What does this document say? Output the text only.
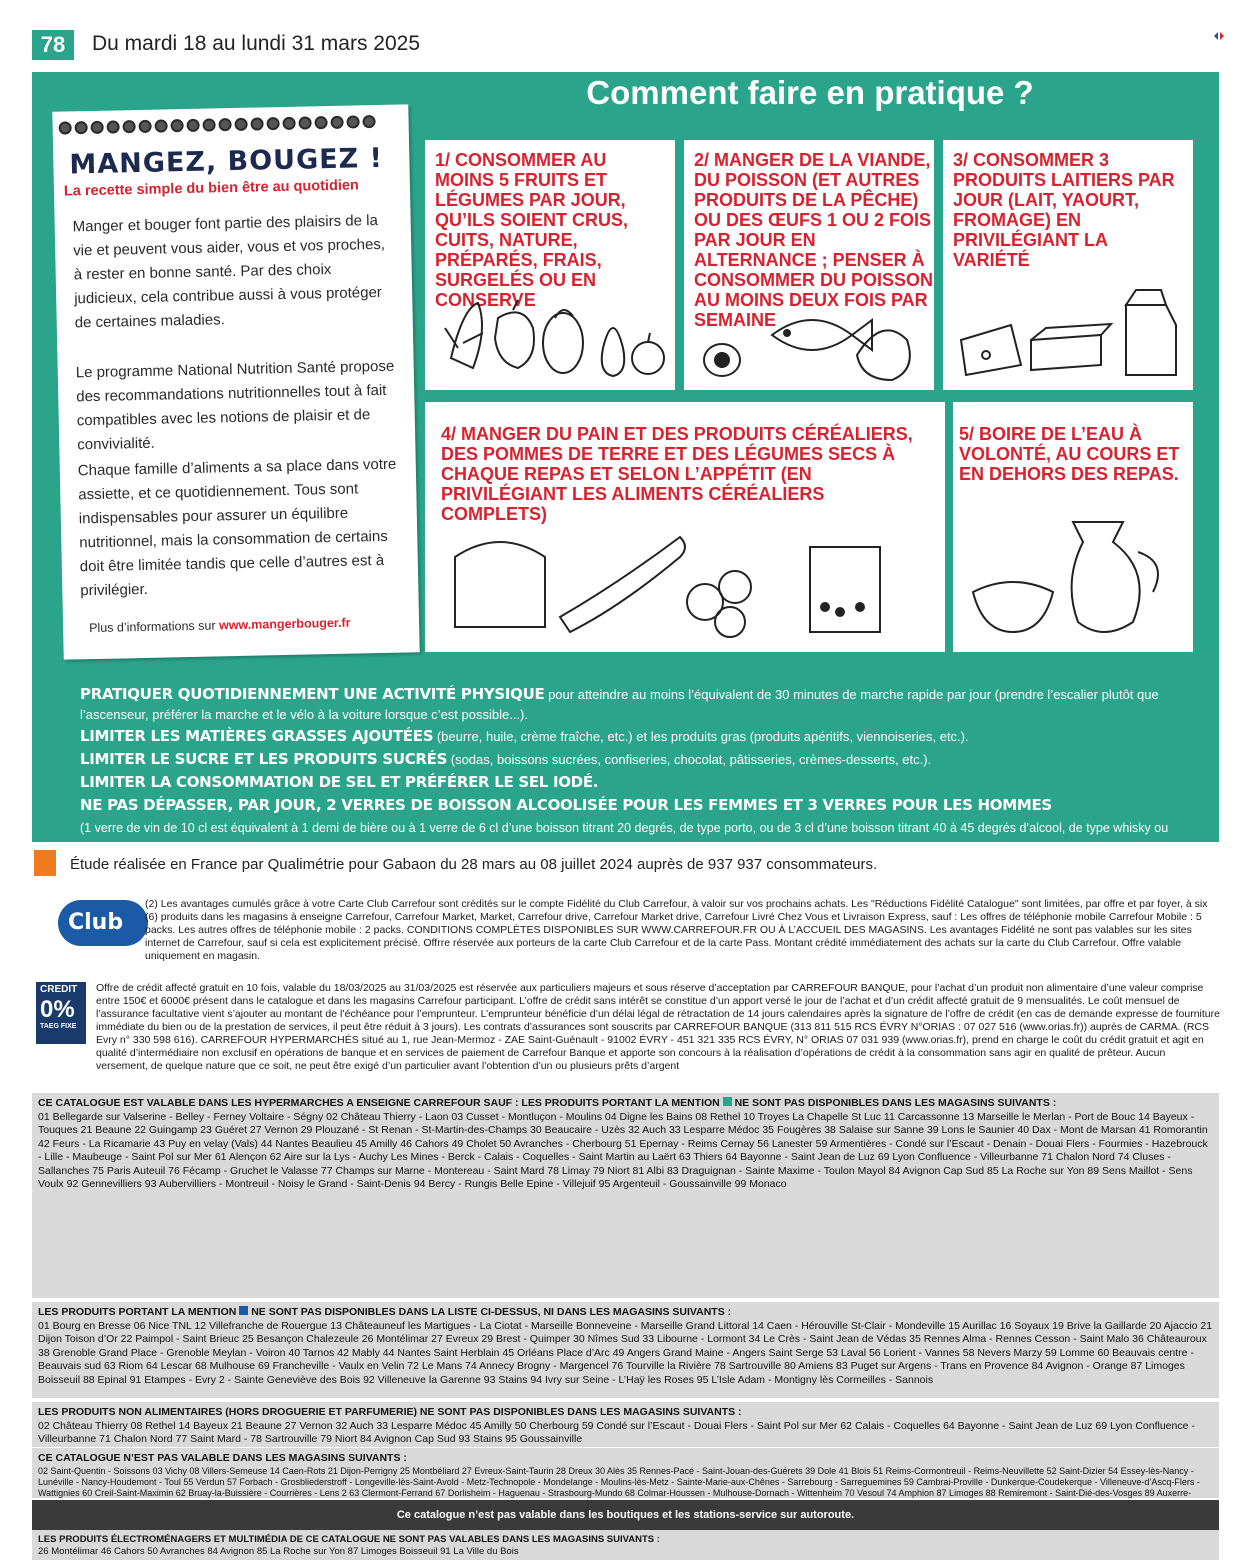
78	Du mardi 18 au lundi 31 mars 2025
Comment faire en pratique ?
MANGEZ, BOUGEZ !
La recette simple du bien être au quotidien
Manger et bouger font partie des plaisirs de la vie et peuvent vous aider, vous et vos proches, à rester en bonne santé. Par des choix judicieux, cela contribue aussi à vous protéger de certaines maladies.
Le programme National Nutrition Santé propose des recommandations nutritionnelles tout à fait compatibles avec les notions de plaisir et de convivialité.
Chaque famille d’aliments a sa place dans votre assiette, et ce quotidiennement. Tous sont indispensables pour assurer un équilibre nutritionnel, mais la consommation de certains doit être limitée tandis que celle d’autres est à privilégier.
Plus d’informations sur www.mangerbouger.fr
1/ CONSOMMER AU MOINS 5 FRUITS ET LÉGUMES PAR JOUR, QU’ILS SOIENT CRUS, CUITS, NATURE, PRÉPARÉS, FRAIS, SURGELÉS OU EN CONSERVE
2/ MANGER DE LA VIANDE, DU POISSON (ET AUTRES PRODUITS DE LA PÊCHE) OU DES ŒUFS 1 OU 2 FOIS PAR JOUR EN ALTERNANCE ; PENSER À CONSOMMER DU POISSON AU MOINS DEUX FOIS PAR SEMAINE
3/ CONSOMMER 3 PRODUITS LAITIERS PAR JOUR (LAIT, YAOURT, FROMAGE) EN PRIVILÉGIANT LA VARIÉTÉ
4/ MANGER DU PAIN ET DES PRODUITS CÉRÉALIERS, DES POMMES DE TERRE ET DES LÉGUMES SECS À CHAQUE REPAS ET SELON L’APPÉTIT (EN PRIVILÉGIANT LES ALIMENTS CÉRÉALIERS COMPLETS)
5/ BOIRE DE L’EAU À VOLONTÉ, AU COURS ET EN DEHORS DES REPAS.
PRATIQUER QUOTIDIENNEMENT UNE ACTIVITÉ PHYSIQUE pour atteindre au moins l’équivalent de 30 minutes de marche rapide par jour (prendre l’escalier plutôt que l’ascenseur, préférer la marche et le vélo à la voiture lorsque c’est possible...).
LIMITER LES MATIÈRES GRASSES AJOUTÉES (beurre, huile, crème fraîche, etc.) et les produits gras (produits apéritifs, viennoiseries, etc.).
LIMITER LE SUCRE ET LES PRODUITS SUCRÉS (sodas, boissons sucrées, confiseries, chocolat, pâtisseries, crèmes-desserts, etc.).
LIMITER LA CONSOMMATION DE SEL ET PRÉFÉRER LE SEL IODÉ.
NE PAS DÉPASSER, PAR JOUR, 2 VERRES DE BOISSON ALCOOLISÉE POUR LES FEMMES ET 3 VERRES POUR LES HOMMES
(1 verre de vin de 10 cl est équivalent à 1 demi de bière ou à 1 verre de 6 cl d’une boisson titrant 20 degrés, de type porto, ou de 3 cl d’une boisson titrant 40 à 45 degrés d’alcool, de type whisky ou pastis).
Étude réalisée en France par Qualimétrie pour Gabaon du 28 mars au 08 juillet 2024 auprès de 937 937 consommateurs.
Club
(2) Les avantages cumulés grâce à votre Carte Club Carrefour sont crédités sur le compte Fidélité du Club Carrefour, à valoir sur vos prochains achats. Les "Réductions Fidélité Catalogue" sont limitées, par offre et par foyer, à six (6) produits dans les magasins à enseigne Carrefour, Carrefour Market, Market, Carrefour drive, Carrefour Market drive, Carrefour Livré Chez Vous et Livraison Express, sauf : Les offres de téléphonie mobile Carrefour Mobile : 5 packs. Les autres offres de téléphonie mobile : 2 packs. CONDITIONS COMPLÈTES DISPONIBLES SUR WWW.CARREFOUR.FR OU À L’ACCUEIL DES MAGASINS. Les avantages Fidélité ne sont pas valables sur les sites internet de Carrefour, sauf si cela est explicitement précisé. Offrre réservée aux porteurs de la carte Club Carrefour et de la carte Pass. Montant crédité immédiatement des achats sur la carte du Club Carrefour. Offre valable uniquement en magasin.
CREDIT
0%
TAEG FIXE
Offre de crédit affecté gratuit en 10 fois, valable du 18/03/2025 au 31/03/2025 est réservée aux particuliers majeurs et sous réserve d’acceptation par CARREFOUR BANQUE, pour l’achat d’un produit non alimentaire d’une valeur comprise entre 150€ et 6000€ présent dans le catalogue et dans les magasins Carrefour participant. L’offre de crédit sans intérêt se constitue d’un apport versé le jour de l’achat et d’un crédit affecté gratuit de 9 mensualités. Le coût mensuel de l’assurance facultative vient s’ajouter au montant de l’échéance pour l’emprunteur. L’emprunteur bénéficie d’un délai légal de rétractation de 14 jours calendaires après la signature de l’offre de crédit (en cas de demande expresse de fourniture immédiate du bien ou de la prestation de services, il peut être réduit à 3 jours). Les contrats d’assurances sont souscrits par CARREFOUR BANQUE (313 811 515 RCS ÉVRY N°ORIAS : 07 027 516 (www.orias.fr)) auprès de CARMA. (RCS Evry n° 330 598 616). CARREFOUR HYPERMARCHÉS situé au 1, rue Jean-Mermoz - ZAE Saint-Guénault - 91002 ÉVRY - 451 321 335 RCS ÉVRY, N° ORIAS 07 031 939 (www.orias.fr), prend en charge le coût du crédit gratuit et agit en qualité d’intermédiaire non exclusif en opérations de banque et en services de paiement de Carrefour Banque et apporte son concours à la réalisation d’opérations de crédit à la consommation sans agir en qualité de prêteur. Aucun versement, de quelque nature que ce soit, ne peut être exigé d’un particulier avant l’obtention d’un ou plusieurs prêts d’argent
CE CATALOGUE EST VALABLE DANS LES HYPERMARCHES A ENSEIGNE CARREFOUR SAUF : LES PRODUITS PORTANT LA MENTION NE SONT PAS DISPONIBLES DANS LES MAGASINS SUIVANTS :
01 Bellegarde sur Valserine - Belley - Ferney Voltaire - Ségny 02 Château Thierry - Laon 03 Cusset - Montluçon - Moulins 04 Digne les Bains 08 Rethel 10 Troyes La Chapelle St Luc 11 Carcassonne 13 Marseille le Merlan - Port de Bouc 14 Bayeux - Touques 21 Beaune 22 Guingamp 23 Guéret 27 Vernon 29 Plouzané - St Renan - St-Martin-des-Champs 30 Beaucaire - Uzès 32 Auch 33 Lesparre Médoc 35 Fougères 38 Salaise sur Sanne 39 Lons le Saunier 40 Dax - Mont de Marsan 41 Romorantin 42 Feurs - La Ricamarie 43 Puy en velay (Vals) 44 Nantes Beaulieu 45 Amilly 46 Cahors 49 Cholet 50 Avranches - Cherbourg 51 Epernay - Reims Cernay 56 Lanester 59 Armentières - Condé sur l’Escaut - Denain - Douai Flers - Fourmies - Hazebrouck - Lille - Maubeuge - Saint Pol sur Mer 61 Alençon 62 Aire sur la Lys - Auchy Les Mines - Berck - Calais - Coquelles - Saint Martin au Laërt 63 Thiers 64 Bayonne - Saint Jean de Luz 69 Lyon Confluence - Villeurbanne 71 Chalon Nord 74 Cluses - Sallanches 75 Paris Auteuil 76 Fécamp - Gruchet le Valasse 77 Champs sur Marne - Montereau - Saint Mard 78 Limay 79 Niort 81 Albi 83 Draguignan - Sainte Maxime - Toulon Mayol 84 Avignon Cap Sud 85 La Roche sur Yon 89 Sens Maillot - Sens Voulx 92 Gennevilliers 93 Aubervilliers - Montreuil - Noisy le Grand - Saint-Denis 94 Bercy - Rungis Belle Epine - Villejuif 95 Argenteuil - Goussainville 99 Monaco
LES PRODUITS PORTANT LA MENTION NE SONT PAS DISPONIBLES DANS LA LISTE CI-DESSUS, NI DANS LES MAGASINS SUIVANTS :
01 Bourg en Bresse 06 Nice TNL 12 Villefranche de Rouergue 13 Châteauneuf les Martigues - La Ciotat - Marseille Bonneveine - Marseille Grand Littoral 14 Caen - Hérouville St-Clair - Mondeville 15 Aurillac 16 Soyaux 19 Brive la Gaillarde 20 Ajaccio 21 Dijon Toison d’Or 22 Paimpol - Saint Brieuc 25 Besançon Chalezeule 26 Montélimar 27 Evreux 29 Brest - Quimper 30 Nîmes Sud 33 Libourne - Lormont 34 Le Crès - Saint Jean de Védas 35 Rennes Alma - Rennes Cesson - Saint Malo 36 Châteauroux 38 Grenoble Grand Place - Grenoble Meylan - Voiron 40 Tarnos 42 Mably 44 Nantes Saint Herblain 45 Orléans Place d’Arc 49 Angers Grand Maine - Angers Saint Serge 53 Laval 56 Lorient - Vannes 58 Nevers Marzy 59 Lomme 60 Beauvais centre - Beauvais sud 63 Riom 64 Lescar 68 Mulhouse 69 Francheville - Vaulx en Velin 72 Le Mans 74 Annecy Brogny - Margencel 76 Tourville la Rivière 78 Sartrouville 80 Amiens 83 Puget sur Argens - Trans en Provence 84 Avignon - Orange 87 Limoges Boisseuil 88 Epinal 91 Etampes - Evry 2 - Sainte Geneviève des Bois 92 Villeneuve la Garenne 93 Stains 94 Ivry sur Seine - L’Haÿ les Roses 95 L’Isle Adam - Montigny lès Cormeilles - Sannois
LES PRODUITS NON ALIMENTAIRES (HORS DROGUERIE ET PARFUMERIE) NE SONT PAS DISPONIBLES DANS LES MAGASINS SUIVANTS :
02 Château Thierry 08 Rethel 14 Bayeux 21 Beaune 27 Vernon 32 Auch 33 Lesparre Médoc 45 Amilly 50 Cherbourg 59 Condé sur l’Escaut - Douai Flers - Saint Pol sur Mer 62 Calais - Coquelles 64 Bayonne - Saint Jean de Luz 69 Lyon Confluence - Villeurbanne 71 Chalon Nord 77 Saint Mard - 78 Sartrouville 79 Niort 84 Avignon Cap Sud 93 Stains 95 Goussainville
CE CATALOGUE N’EST PAS VALABLE DANS LES MAGASINS SUIVANTS :
02 Saint-Quentin - Soissons 03 Vichy 08 Villers-Semeuse 14 Caen-Rots 21 Dijon-Perrigny 25 Montbéliard 27 Evreux-Saint-Taurin 28 Dreux 30 Alès 35 Rennes-Pacé - Saint-Jouan-des-Guérets 39 Dole 41 Blois 51 Reims-Cormontreuil - Reims-Neuvillette 52 Saint-Dizier 54 Essey-lès-Nancy - Lunéville - Nancy-Houdemont - Toul 55 Verdun 57 Forbach - Grosbliederstroff - Longeville-lès-Saint-Avold - Metz-Technopole - Mondelange - Moulins-lès-Metz - Sainte-Marie-aux-Chênes - Sarrebourg - Sarreguemines 59 Cambrai-Proville - Dunkerque-Coudekerque - Villeneuve-d’Ascq-Flers - Wattignies 60 Creil-Saint-Maximin 62 Bruay-la-Buissière - Courrières - Lens 2 63 Clermont-Ferrand 67 Dorlisheim - Haguenau - Strasbourg-Mundo 68 Colmar-Houssen - Mulhouse-Dornach - Wittenheim 70 Vesoul 74 Amphion 87 Limoges 88 Remiremont - Saint-Dié-des-Vosges 89 Auxerre-
LES PRODUITS ÉLECTROMÉNAGERS ET MULTIMÉDIA DE CE CATALOGUE NE SONT PAS VALABLES DANS LES MAGASINS SUIVANTS :
26 Montélimar 46 Cahors 50 Avranches 84 Avignon 85 La Roche sur Yon 87 Limoges Boisseuil 91 La Ville du Bois
Ce catalogue n’est pas valable dans les boutiques et les stations-service sur autoroute.
